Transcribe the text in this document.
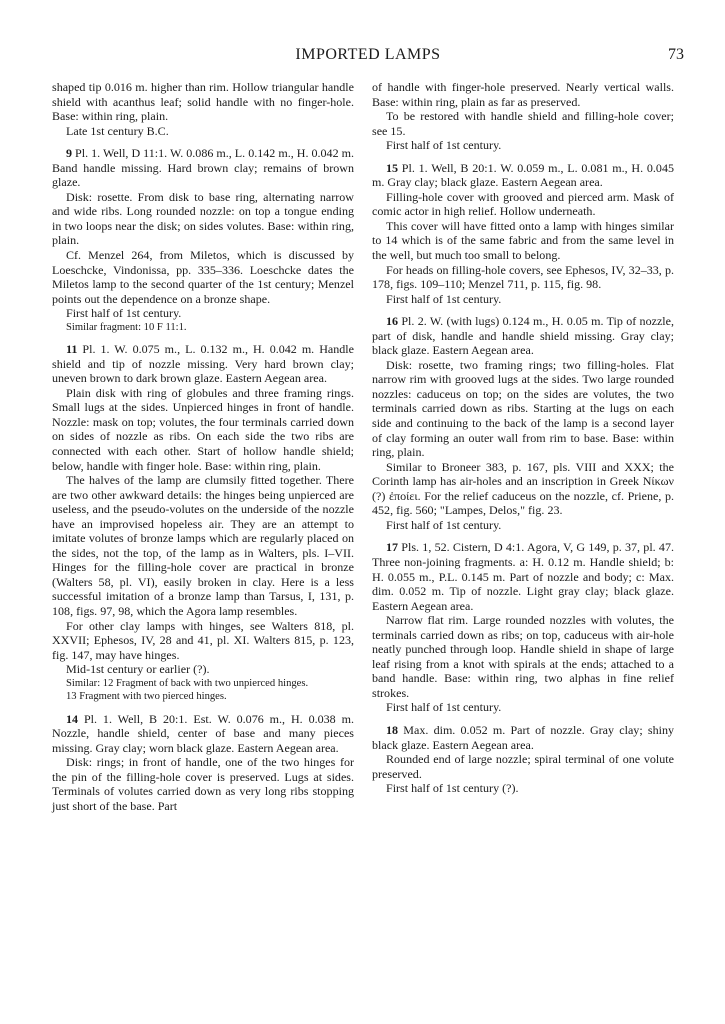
IMPORTED LAMPS	73

shaped tip 0.016 m. higher than rim. Hollow triangular handle shield with acanthus leaf; solid handle with no finger-hole. Base: within ring, plain.

Late 1st century B.C.

9 Pl. 1. Well, D 11:1. W. 0.086 m., L. 0.142 m., H. 0.042 m. Band handle missing. Hard brown clay; remains of brown glaze.

Disk: rosette. From disk to base ring, alternating narrow and wide ribs. Long rounded nozzle: on top a tongue ending in two loops near the disk; on sides volutes. Base: within ring, plain.

Cf. Menzel 264, from Miletos, which is discussed by Loeschcke, Vindonissa, pp. 335–336. Loeschcke dates the Miletos lamp to the second quarter of the 1st century; Menzel points out the dependence on a bronze shape.

First half of 1st century.

Similar fragment: 10 F 11:1.

11 Pl. 1. W. 0.075 m., L. 0.132 m., H. 0.042 m. Handle shield and tip of nozzle missing. Very hard brown clay; uneven brown to dark brown glaze. Eastern Aegean area.

Plain disk with ring of globules and three framing rings. Small lugs at the sides. Unpierced hinges in front of handle. Nozzle: mask on top; volutes, the four terminals carried down on sides of nozzle as ribs. On each side the two ribs are connected with each other. Start of hollow handle shield; below, handle with finger hole. Base: within ring, plain.

The halves of the lamp are clumsily fitted together. There are two other awkward details: the hinges being unpierced are useless, and the pseudo-volutes on the underside of the nozzle have an improvised hopeless air. They are an attempt to imitate volutes of bronze lamps which are regularly placed on the sides, not the top, of the lamp as in Walters, pls. I–VII. Hinges for the filling-hole cover are practical in bronze (Walters 58, pl. VI), easily broken in clay. Here is a less successful imitation of a bronze lamp than Tarsus, I, 131, p. 108, figs. 97, 98, which the Agora lamp resembles.

For other clay lamps with hinges, see Walters 818, pl. XXVII; Ephesos, IV, 28 and 41, pl. XI. Walters 815, p. 123, fig. 147, may have hinges.

Mid-1st century or earlier (?).

Similar: 12 Fragment of back with two unpierced hinges.

13 Fragment with two pierced hinges.

14 Pl. 1. Well, B 20:1. Est. W. 0.076 m., H. 0.038 m. Nozzle, handle shield, center of base and many pieces missing. Gray clay; worn black glaze. Eastern Aegean area.

Disk: rings; in front of handle, one of the two hinges for the pin of the filling-hole cover is preserved. Lugs at sides. Terminals of volutes carried down as very long ribs stopping just short of the base. Part

of handle with finger-hole preserved. Nearly vertical walls. Base: within ring, plain as far as preserved.

To be restored with handle shield and filling-hole cover; see 15.

First half of 1st century.

15 Pl. 1. Well, B 20:1. W. 0.059 m., L. 0.081 m., H. 0.045 m. Gray clay; black glaze. Eastern Aegean area.

Filling-hole cover with grooved and pierced arm. Mask of comic actor in high relief. Hollow underneath.

This cover will have fitted onto a lamp with hinges similar to 14 which is of the same fabric and from the same level in the well, but much too small to belong.

For heads on filling-hole covers, see Ephesos, IV, 32–33, p. 178, figs. 109–110; Menzel 711, p. 115, fig. 98.

First half of 1st century.

16 Pl. 2. W. (with lugs) 0.124 m., H. 0.05 m. Tip of nozzle, part of disk, handle and handle shield missing. Gray clay; black glaze. Eastern Aegean area.

Disk: rosette, two framing rings; two filling-holes. Flat narrow rim with grooved lugs at the sides. Two large rounded nozzles: caduceus on top; on the sides are volutes, the two terminals carried down as ribs. Starting at the lugs on each side and continuing to the back of the lamp is a second layer of clay forming an outer wall from rim to base. Base: within ring, plain.

Similar to Broneer 383, p. 167, pls. VIII and XXX; the Corinth lamp has air-holes and an inscription in Greek Νίκων (?) ἐποίει. For the relief caduceus on the nozzle, cf. Priene, p. 452, fig. 560; "Lampes, Delos," fig. 23.

First half of 1st century.

17 Pls. 1, 52. Cistern, D 4:1. Agora, V, G 149, p. 37, pl. 47. Three non-joining fragments. a: H. 0.12 m. Handle shield; b: H. 0.055 m., P.L. 0.145 m. Part of nozzle and body; c: Max. dim. 0.052 m. Tip of nozzle. Light gray clay; black glaze. Eastern Aegean area.

Narrow flat rim. Large rounded nozzles with volutes, the terminals carried down as ribs; on top, caduceus with air-hole neatly punched through loop. Handle shield in shape of large leaf rising from a knot with spirals at the ends; attached to a band handle. Base: within ring, two alphas in fine relief strokes.

First half of 1st century.

18 Max. dim. 0.052 m. Part of nozzle. Gray clay; shiny black glaze. Eastern Aegean area.

Rounded end of large nozzle; spiral terminal of one volute preserved.

First half of 1st century (?).
